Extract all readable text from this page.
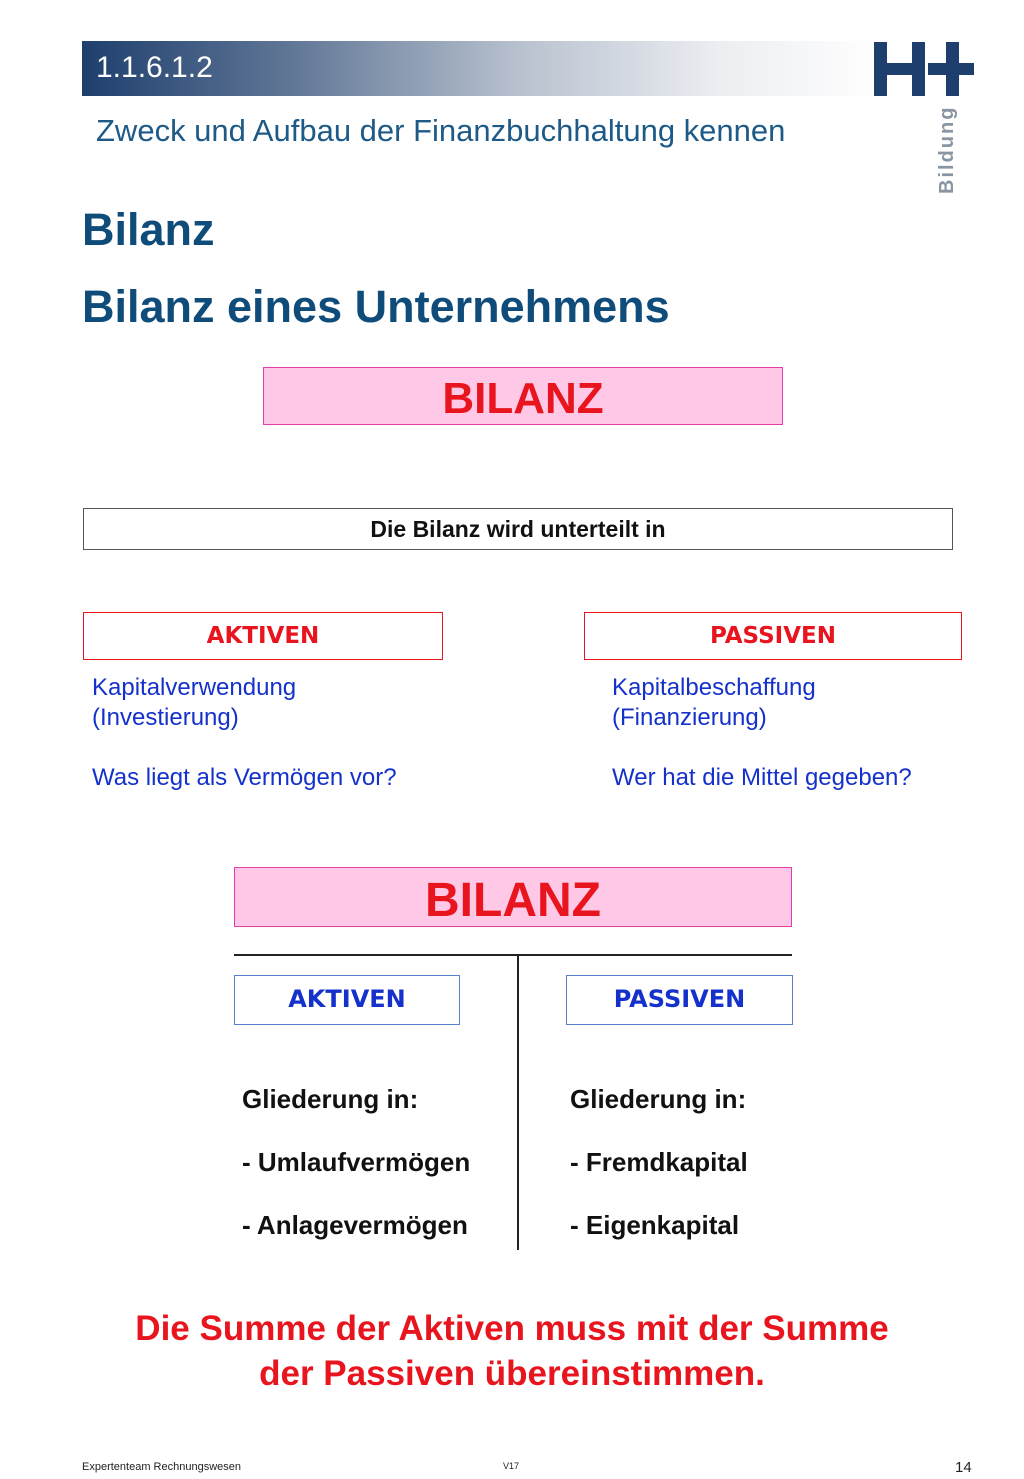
1.1.6.1.2
Zweck und Aufbau der Finanzbuchhaltung kennen	Bildung
Bilanz
Bilanz eines Unternehmens
BILANZ
Die Bilanz wird unterteilt in
AKTIVEN	PASSIVEN
Kapitalverwendung
(Investierung)
Was liegt als Vermögen vor?
Kapitalbeschaffung
(Finanzierung)
Wer hat die Mittel gegeben?
BILANZ
AKTIVEN	PASSIVEN
Gliederung in:
- Umlaufvermögen
- Anlagevermögen
Gliederung in:
- Fremdkapital
- Eigenkapital
Die Summe der Aktiven muss mit der Summe
der Passiven übereinstimmen.
Expertenteam Rechnungswesen	V17	14
